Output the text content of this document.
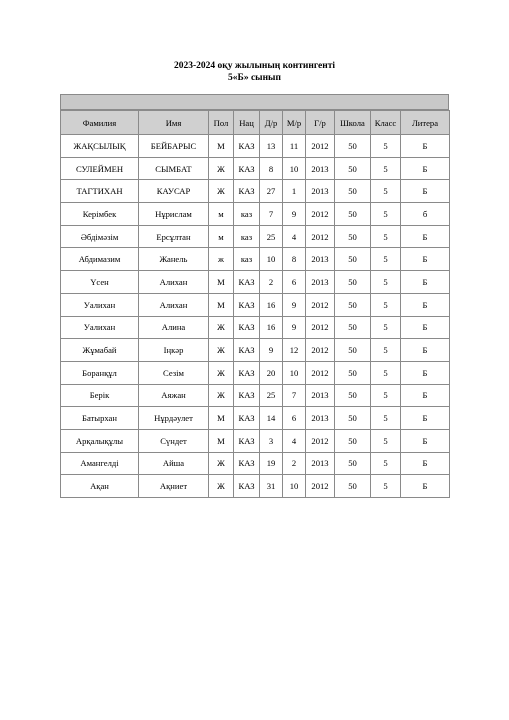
2023-2024 оқу жылының контингенті
5«Б» сынып
Фамилия	Имя	Пол	Нац	Д/р	М/р	Г/р	Школа	Класс	Литера
ЖАҚСЫЛЫҚ	БЕЙБАРЫС	М	КАЗ	13	11	2012	50	5	Б
СУЛЕЙМЕН	СЫМБАТ	Ж	КАЗ	8	10	2013	50	5	Б
ТАГТИХАН	КАУСАР	Ж	КАЗ	27	1	2013	50	5	Б
Керімбек	Нұрислам	м	каз	7	9	2012	50	5	б
Әбдімәзім	Ерсұлтан	м	каз	25	4	2012	50	5	Б
Абдимазим	Жанель	ж	каз	10	8	2013	50	5	Б
Үсен	Алихан	М	КАЗ	2	6	2013	50	5	Б
Уалихан	Алихан	М	КАЗ	16	9	2012	50	5	Б
Уалихан	Алина	Ж	КАЗ	16	9	2012	50	5	Б
Жұмабай	Іңкәр	Ж	КАЗ	9	12	2012	50	5	Б
Боранқұл	Сезім	Ж	КАЗ	20	10	2012	50	5	Б
Берік	Аяжан	Ж	КАЗ	25	7	2013	50	5	Б
Батырхан	Нұрдәулет	М	КАЗ	14	6	2013	50	5	Б
Арқалықұлы	Сүндет	М	КАЗ	3	4	2012	50	5	Б
Амангелді	Айша	Ж	КАЗ	19	2	2013	50	5	Б
Ақан	Ақниет	Ж	КАЗ	31	10	2012	50	5	Б
